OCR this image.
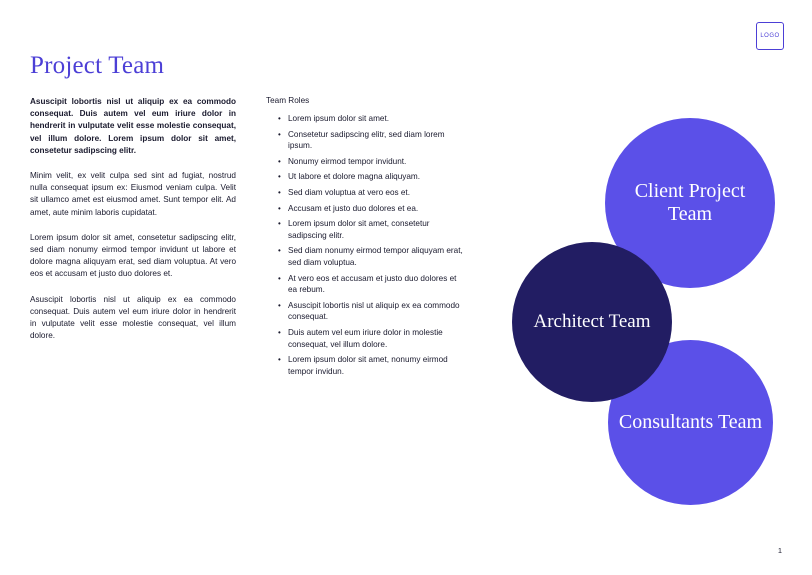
LOGO
Project Team

Asuscipit lobortis nisl ut aliquip ex ea commodo consequat. Duis autem vel eum iriure dolor in hendrerit in vulputate velit esse molestie consequat, vel illum dolore. Lorem ipsum dolor sit amet, consetetur sadipscing elitr.

Minim velit, ex velit culpa sed sint ad fugiat, nostrud nulla consequat ipsum ex: Eiusmod veniam culpa. Velit sit ullamco amet est eiusmod amet. Sunt tempor elit. Ad amet, aute minim laboris cupidatat.

Lorem ipsum dolor sit amet, consetetur sadipscing elitr, sed diam nonumy eirmod tempor invidunt ut labore et dolore magna aliquyam erat, sed diam voluptua. At vero eos et accusam et justo duo dolores et.

Asuscipit lobortis nisl ut aliquip ex ea commodo consequat. Duis autem vel eum iriure dolor in hendrerit in vulputate velit esse molestie consequat, vel illum dolore.

Team Roles
• Lorem ipsum dolor sit amet.
• Consetetur sadipscing elitr, sed diam lorem ipsum.
• Nonumy eirmod tempor invidunt.
• Ut labore et dolore magna aliquyam.
• Sed diam voluptua at vero eos et.
• Accusam et justo duo dolores et ea.
• Lorem ipsum dolor sit amet, consetetur sadipscing elitr.
• Sed diam nonumy eirmod tempor aliquyam erat, sed diam voluptua.
• At vero eos et accusam et justo duo dolores et ea rebum.
• Asuscipit lobortis nisl ut aliquip ex ea commodo consequat.
• Duis autem vel eum iriure dolor in molestie consequat, vel illum dolore.
• Lorem ipsum dolor sit amet, nonumy eirmod tempor invidun.
Client Project Team
Architect Team
Consultants Team
1
